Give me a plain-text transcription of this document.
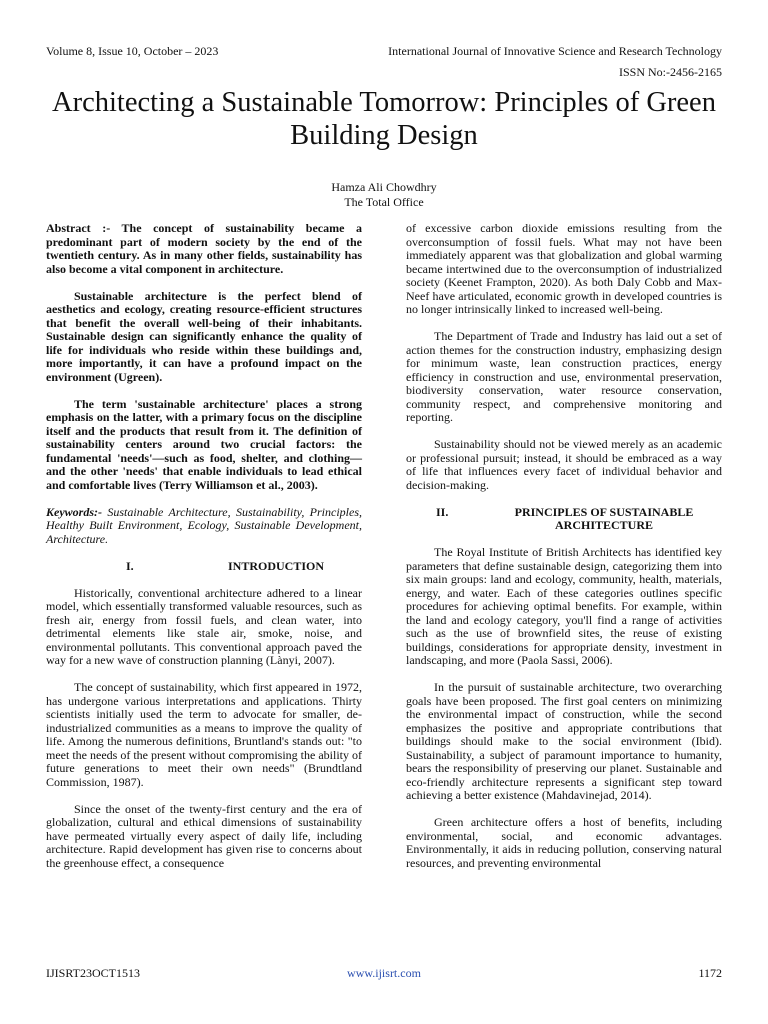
Volume 8, Issue 10, October – 2023	International Journal of Innovative Science and Research Technology
ISSN No:-2456-2165
Architecting a Sustainable Tomorrow: Principles of Green Building Design
Hamza Ali Chowdhry
The Total Office

Abstract :- The concept of sustainability became a predominant part of modern society by the end of the twentieth century. As in many other fields, sustainability has also become a vital component in architecture.

Sustainable architecture is the perfect blend of aesthetics and ecology, creating resource-efficient structures that benefit the overall well-being of their inhabitants. Sustainable design can significantly enhance the quality of life for individuals who reside within these buildings and, more importantly, it can have a profound impact on the environment (Ugreen).

The term 'sustainable architecture' places a strong emphasis on the latter, with a primary focus on the discipline itself and the products that result from it. The definition of sustainability centers around two crucial factors: the fundamental 'needs'—such as food, shelter, and clothing—and the other 'needs' that enable individuals to lead ethical and comfortable lives (Terry Williamson et al., 2003).

Keywords:- Sustainable Architecture, Sustainability, Principles, Healthy Built Environment, Ecology, Sustainable Development, Architecture.

I.	INTRODUCTION

Historically, conventional architecture adhered to a linear model, which essentially transformed valuable resources, such as fresh air, energy from fossil fuels, and clean water, into detrimental elements like stale air, smoke, noise, and environmental pollutants. This conventional approach paved the way for a new wave of construction planning (Lànyi, 2007).

The concept of sustainability, which first appeared in 1972, has undergone various interpretations and applications. Thirty scientists initially used the term to advocate for smaller, de-industrialized communities as a means to improve the quality of life. Among the numerous definitions, Bruntland's stands out: "to meet the needs of the present without compromising the ability of future generations to meet their own needs" (Brundtland Commission, 1987).

Since the onset of the twenty-first century and the era of globalization, cultural and ethical dimensions of sustainability have permeated virtually every aspect of daily life, including architecture. Rapid development has given rise to concerns about the greenhouse effect, a consequence

of excessive carbon dioxide emissions resulting from the overconsumption of fossil fuels. What may not have been immediately apparent was that globalization and global warming became intertwined due to the overconsumption of industrialized society (Keenet Frampton, 2020). As both Daly Cobb and Max-Neef have articulated, economic growth in developed countries is no longer intrinsically linked to increased well-being.

The Department of Trade and Industry has laid out a set of action themes for the construction industry, emphasizing design for minimum waste, lean construction practices, energy efficiency in construction and use, environmental preservation, biodiversity conservation, water resource conservation, community respect, and comprehensive monitoring and reporting.

Sustainability should not be viewed merely as an academic or professional pursuit; instead, it should be embraced as a way of life that influences every facet of individual behavior and decision-making.

II.	PRINCIPLES OF SUSTAINABLE ARCHITECTURE

The Royal Institute of British Architects has identified key parameters that define sustainable design, categorizing them into six main groups: land and ecology, community, health, materials, energy, and water. Each of these categories outlines specific procedures for achieving optimal benefits. For example, within the land and ecology category, you'll find a range of activities such as the use of brownfield sites, the reuse of existing buildings, considerations for appropriate density, investment in landscaping, and more (Paola Sassi, 2006).

In the pursuit of sustainable architecture, two overarching goals have been proposed. The first goal centers on minimizing the environmental impact of construction, while the second emphasizes the positive and appropriate contributions that buildings should make to the social environment (Ibid). Sustainability, a subject of paramount importance to humanity, bears the responsibility of preserving our planet. Sustainable and eco-friendly architecture represents a significant step toward achieving a better existence (Mahdavinejad, 2014).

Green architecture offers a host of benefits, including environmental, social, and economic advantages. Environmentally, it aids in reducing pollution, conserving natural resources, and preventing environmental

IJISRT23OCT1513	www.ijisrt.com	1172
